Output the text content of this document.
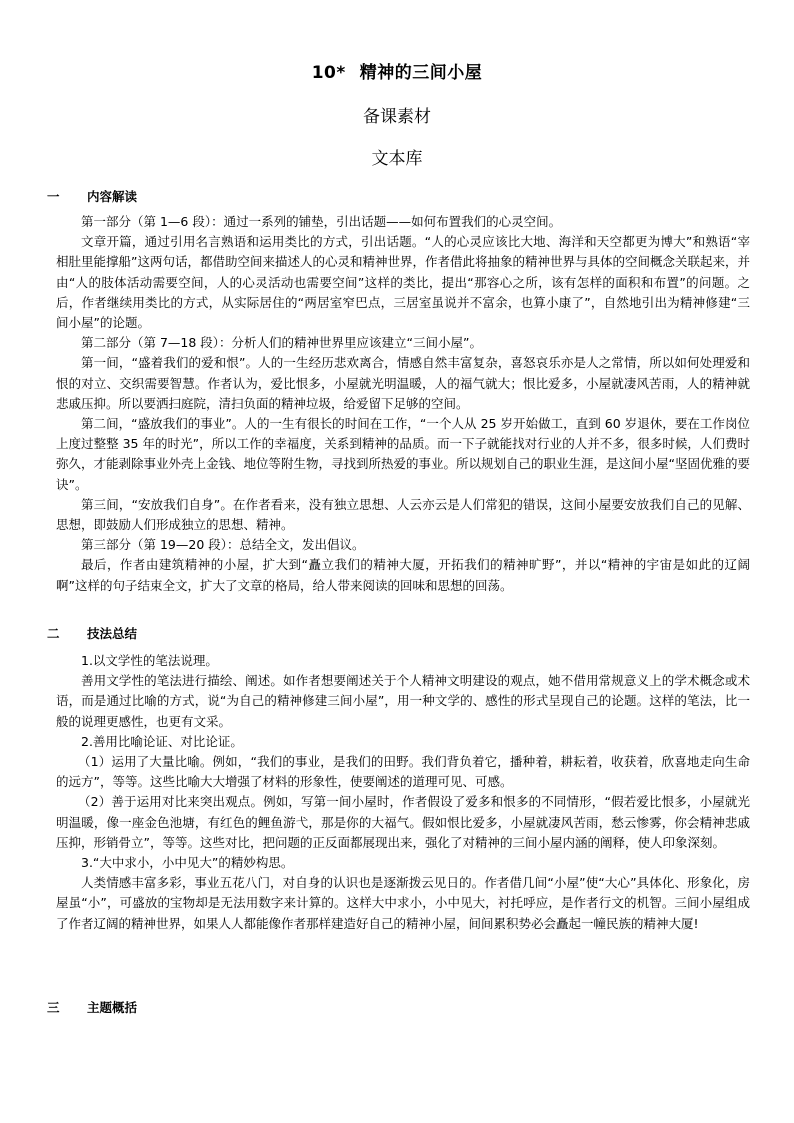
10* 精神的三间小屋
备课素材
文本库
一 内容解读

第一部分（第 1—6 段）：通过一系列的铺垫，引出话题——如何布置我们的心灵空间。

文章开篇，通过引用名言熟语和运用类比的方式，引出话题。“人的心灵应该比大地、海洋和天空都更为博大”和熟语“宰相肚里能撑船”这两句话，都借助空间来描述人的心灵和精神世界，作者借此将抽象的精神世界与具体的空间概念关联起来，并由“人的肢体活动需要空间，人的心灵活动也需要空间”这样的类比，提出“那容心之所，该有怎样的面积和布置”的问题。之后，作者继续用类比的方式，从实际居住的“两居室窄巴点，三居室虽说并不富余，也算小康了”，自然地引出为精神修建“三间小屋”的论题。

第二部分（第 7—18 段）：分析人们的精神世界里应该建立“三间小屋”。

第一间，“盛着我们的爱和恨”。人的一生经历悲欢离合，情感自然丰富复杂，喜怒哀乐亦是人之常情，所以如何处理爱和恨的对立、交织需要智慧。作者认为，爱比恨多，小屋就光明温暖，人的福气就大；恨比爱多，小屋就凄风苦雨，人的精神就悲戚压抑。所以要洒扫庭院，清扫负面的精神垃圾，给爱留下足够的空间。

第二间，“盛放我们的事业”。人的一生有很长的时间在工作，“一个人从 25 岁开始做工，直到 60 岁退休，要在工作岗位上度过整整 35 年的时光”，所以工作的幸福度，关系到精神的品质。而一下子就能找对行业的人并不多，很多时候，人们费时弥久，才能剥除事业外壳上金钱、地位等附生物，寻找到所热爱的事业。所以规划自己的职业生涯，是这间小屋“坚固优雅的要诀”。

第三间，“安放我们自身”。在作者看来，没有独立思想、人云亦云是人们常犯的错误，这间小屋要安放我们自己的见解、思想，即鼓励人们形成独立的思想、精神。

第三部分（第 19—20 段）：总结全文，发出倡议。

最后，作者由建筑精神的小屋，扩大到“矗立我们的精神大厦，开拓我们的精神旷野”，并以“精神的宇宙是如此的辽阔啊”这样的句子结束全文，扩大了文章的格局，给人带来阅读的回味和思想的回荡。

二 技法总结

1.以文学性的笔法说理。

善用文学性的笔法进行描绘、阐述。如作者想要阐述关于个人精神文明建设的观点，她不借用常规意义上的学术概念或术语，而是通过比喻的方式，说“为自己的精神修建三间小屋”，用一种文学的、感性的形式呈现自己的论题。这样的笔法，比一般的说理更感性，也更有文采。

2.善用比喻论证、对比论证。

（1）运用了大量比喻。例如，“我们的事业，是我们的田野。我们背负着它，播种着，耕耘着，收获着，欣喜地走向生命的远方”，等等。这些比喻大大增强了材料的形象性，使要阐述的道理可见、可感。

（2）善于运用对比来突出观点。例如，写第一间小屋时，作者假设了爱多和恨多的不同情形，“假若爱比恨多，小屋就光明温暖，像一座金色池塘，有红色的鲤鱼游弋，那是你的大福气。假如恨比爱多，小屋就凄风苦雨，愁云惨雾，你会精神悲戚压抑，形销骨立”，等等。这些对比，把问题的正反面都展现出来，强化了对精神的三间小屋内涵的阐释，使人印象深刻。

3.“大中求小，小中见大”的精妙构思。

人类情感丰富多彩，事业五花八门，对自身的认识也是逐渐拨云见日的。作者借几间“小屋”使“大心”具体化、形象化，房屋虽“小”，可盛放的宝物却是无法用数字来计算的。这样大中求小，小中见大，衬托呼应，是作者行文的机智。三间小屋组成了作者辽阔的精神世界，如果人人都能像作者那样建造好自己的精神小屋，间间累积势必会矗起一幢民族的精神大厦!

三 主题概括
